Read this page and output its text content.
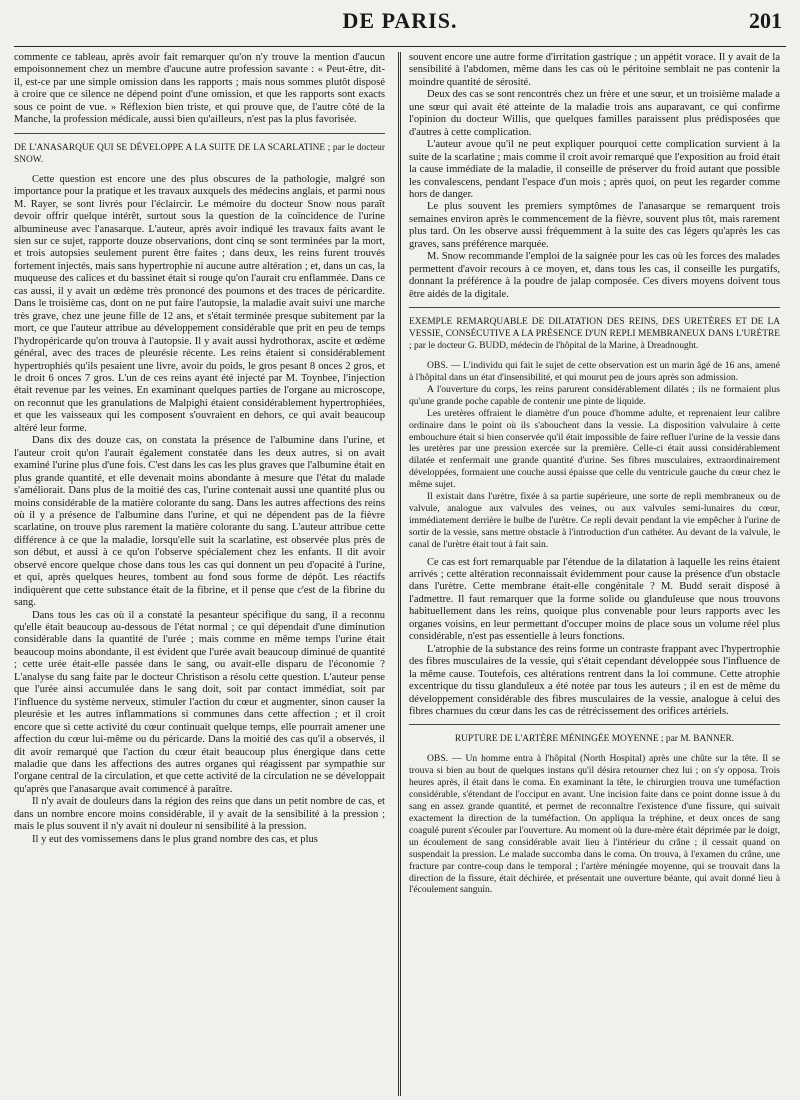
DE PARIS.	201

commente ce tableau, après avoir fait remarquer qu'on n'y trouve la mention d'aucun empoisonnement chez un membre d'aucune autre profession savante : « Peut-être, dit-il, est-ce par une simple omission dans les rapports ; mais nous sommes plutôt disposé à croire que ce silence ne dépend point d'une omission, et que les rapports sont exacts sous ce point de vue. » Réflexion bien triste, et qui prouve que, de l'autre côté de la Manche, la profession médicale, aussi bien qu'ailleurs, n'est pas la plus favorisée.

DE L'ANASARQUE QUI SE DÉVELOPPE A LA SUITE DE LA SCARLATINE ; par le docteur SNOW.

Cette question est encore une des plus obscures de la pathologie, malgré son importance pour la pratique et les travaux auxquels des médecins anglais, et parmi nous M. Rayer, se sont livrés pour l'éclaircir. Le mémoire du docteur Snow nous paraît devoir offrir quelque intérêt, surtout sous la question de la coïncidence de l'urine albumineuse avec l'anasarque. L'auteur, après avoir indiqué les travaux faits avant le sien sur ce sujet, rapporte douze observations, dont cinq se sont terminées par la mort, et trois autopsies seulement purent être faites ; dans deux, les reins furent trouvés fortement injectés, mais sans hypertrophie ni aucune autre altération ; et, dans un cas, la muqueuse des calices et du bassinet était si rouge qu'on l'aurait cru enflammée. Dans ce cas aussi, il y avait un œdème très prononcé des poumons et des traces de péricardite. Dans le troisième cas, dont on ne put faire l'autopsie, la maladie avait suivi une marche très grave, chez une jeune fille de 12 ans, et s'était terminée presque subitement par la mort, ce que l'auteur attribue au développement considérable que prit en peu de temps l'hydropéricarde qu'on trouva à l'autopsie. Il y avait aussi hydrothorax, ascite et œdème général, avec des traces de pleurésie récente. Les reins étaient si considérablement hypertrophiés qu'ils pesaient une livre, avoir du poids, le gros pesant 8 onces 2 gros, et le droit 6 onces 7 gros. L'un de ces reins ayant été injecté par M. Toynbee, l'injection était revenue par les veines. En examinant quelques parties de l'organe au microscope, on reconnut que les granulations de Malpighi étaient considérablement hypertrophiées, et que les vaisseaux qui les composent s'ouvraient en dehors, ce qui avait beaucoup altéré leur forme.

Dans dix des douze cas, on constata la présence de l'albumine dans l'urine, et l'auteur croit qu'on l'aurait également constatée dans les deux autres, si on avait examiné l'urine plus d'une fois. C'est dans les cas les plus graves que l'albumine était en plus grande quantité, et elle devenait moins abondante à mesure que l'état du malade s'améliorait. Dans plus de la moitié des cas, l'urine contenait aussi une quantité plus ou moins considérable de la matière colorante du sang. Dans les autres affections des reins où il y a présence de l'albumine dans l'urine, et qui ne dépendent pas de la fièvre scarlatine, on trouve plus rarement la matière colorante du sang. L'auteur attribue cette différence à ce que la maladie, lorsqu'elle suit la scarlatine, est observée plus près de son début, et aussi à ce qu'on l'observe spécialement chez les enfants. Il dit avoir observé encore quelque chose dans tous les cas qui donnent un peu d'opacité à l'urine, et qui, après quelques heures, tombent au fond sous forme de dépôt. Les réactifs indiquèrent que cette substance était de la fibrine, et il pense que c'est de la fibrine du sang.

Dans tous les cas où il a constaté la pesanteur spécifique du sang, il a reconnu qu'elle était beaucoup au-dessous de l'état normal ; ce qui dépendait d'une diminution considérable dans la quantité de l'urée ; mais comme en même temps l'urine était beaucoup moins abondante, il est évident que l'urée avait beaucoup diminué de quantité ; cette urée était-elle passée dans le sang, ou avait-elle disparu de l'économie ? L'analyse du sang faite par le docteur Christison a résolu cette question. L'auteur pense que l'urée ainsi accumulée dans le sang doit, soit par contact immédiat, soit par l'influence du système nerveux, stimuler l'action du cœur et augmenter, sinon causer la pleurésie et les autres inflammations si communes dans cette affection ; et il croit encore que si cette activité du cœur continuait quelque temps, elle pourrait amener une affection du cœur lui-même ou du péricarde. Dans la moitié des cas qu'il a observés, il dit avoir remarqué que l'action du cœur était beaucoup plus énergique dans cette maladie que dans les affections des autres organes qui réagissent par sympathie sur l'organe central de la circulation, et que cette activité de la circulation ne se développait qu'après que l'anasarque avait commencé à paraître.

Il n'y avait de douleurs dans la région des reins que dans un petit nombre de cas, et dans un nombre encore moins considérable, il y avait de la sensibilité à la pression ; mais le plus souvent il n'y avait ni douleur ni sensibilité à la pression.

Il y eut des vomissemens dans le plus grand nombre des cas, et plus

souvent encore une autre forme d'irritation gastrique ; un appétit vorace. Il y avait de la sensibilité à l'abdomen, même dans les cas où le péritoine semblait ne pas contenir la moindre quantité de sérosité.

Deux des cas se sont rencontrés chez un frère et une sœur, et un troisième malade a une sœur qui avait été atteinte de la maladie trois ans auparavant, ce qui confirme l'opinion du docteur Willis, que quelques familles paraissent plus prédisposées que d'autres à cette complication.

L'auteur avoue qu'il ne peut expliquer pourquoi cette complication survient à la suite de la scarlatine ; mais comme il croit avoir remarqué que l'exposition au froid était la cause immédiate de la maladie, il conseille de préserver du froid autant que possible les convalescens, pendant l'espace d'un mois ; après quoi, on peut les regarder comme hors de danger.

Le plus souvent les premiers symptômes de l'anasarque se remarquent trois semaines environ après le commencement de la fièvre, souvent plus tôt, mais rarement plus tard. On les observe aussi fréquemment à la suite des cas légers qu'après les cas graves, sans préférence marquée.

M. Snow recommande l'emploi de la saignée pour les cas où les forces des malades permettent d'avoir recours à ce moyen, et, dans tous les cas, il conseille les purgatifs, donnant la préférence à la poudre de jalap composée. Ces divers moyens doivent tous être aidés de la digitale.

EXEMPLE REMARQUABLE DE DILATATION DES REINS, DES URETÈRES ET DE LA VESSIE, CONSÉCUTIVE A LA PRÉSENCE D'UN REPLI MEMBRANEUX DANS L'URÈTRE ; par le docteur G. BUDD, médecin de l'hôpital de la Marine, à Dreadnought.

OBS. — L'individu qui fait le sujet de cette observation est un marin âgé de 16 ans, amené à l'hôpital dans un état d'insensibilité, et qui mourut peu de jours après son admission.

A l'ouverture du corps, les reins parurent considérablement dilatés ; ils ne formaient plus qu'une grande poche capable de contenir une pinte de liquide.

Les uretères offraient le diamètre d'un pouce d'homme adulte, et reprenaient leur calibre ordinaire dans le point où ils s'abouchent dans la vessie. La disposition valvulaire à cette embouchure était si bien conservée qu'il était impossible de faire refluer l'urine de la vessie dans les uretères par une pression exercée sur la première. Celle-ci était aussi considérablement dilatée et renfermait une grande quantité d'urine. Ses fibres musculaires, extraordinairement développées, formaient une couche aussi épaisse que celle du ventricule gauche du cœur chez le même sujet.

Il existait dans l'urètre, fixée à sa partie supérieure, une sorte de repli membraneux ou de valvule, analogue aux valvules des veines, ou aux valvules semi-lunaires du cœur, immédiatement derrière le bulbe de l'urètre. Ce repli devait pendant la vie empêcher à l'urine de sortir de la vessie, sans mettre obstacle à l'introduction d'un cathéter. Au devant de la valvule, le canal de l'urètre était tout à fait sain.

Ce cas est fort remarquable par l'étendue de la dilatation à laquelle les reins étaient arrivés ; cette altération reconnaissait évidemment pour cause la présence d'un obstacle dans l'urètre. Cette membrane était-elle congénitale ? M. Budd serait disposé à l'admettre. Il faut remarquer que la forme solide ou glanduleuse que nous trouvons habituellement dans les reins, quoique plus convenable pour leurs rapports avec les organes voisins, en leur permettant d'occuper moins de place sous un volume réel plus considérable, n'est pas essentielle à leurs fonctions.

L'atrophie de la substance des reins forme un contraste frappant avec l'hypertrophie des fibres musculaires de la vessie, qui s'était cependant développée sous l'influence de la même cause. Toutefois, ces altérations rentrent dans la loi commune. Cette atrophie excentrique du tissu glanduleux a été notée par tous les auteurs ; il en est de même du développement considérable des fibres musculaires de la vessie, analogue à celui des fibres charnues du cœur dans les cas de rétrécissement des orifices artériels.

RUPTURE DE L'ARTÈRE MÉNINGÉE MOYENNE ; par M. BANNER.

OBS. — Un homme entra à l'hôpital (North Hospital) après une chûte sur la tête. Il se trouva si bien au bout de quelques instans qu'il désira retourner chez lui ; on s'y opposa. Trois heures après, il était dans le coma. En examinant la tête, le chirurgien trouva une tuméfaction considérable, s'étendant de l'occiput en avant. Une incision faite dans ce point donne issue à du sang en assez grande quantité, et permet de reconnaître l'existence d'une fissure, qui suivait exactement la direction de la tuméfaction. On appliqua la tréphine, et deux onces de sang coagulé purent s'écouler par l'ouverture. Au moment où la dure-mère était déprimée par le doigt, un écoulement de sang considérable avait lieu à l'intérieur du crâne ; il cessait quand on suspendait la pression. Le malade succomba dans le coma. On trouva, à l'examen du crâne, une fracture par contre-coup dans le temporal ; l'artère méningée moyenne, qui se trouvait dans la direction de la fissure, était déchirée, et présentait une ouverture béante, qui avait donné lieu à l'écoulement sanguin.
